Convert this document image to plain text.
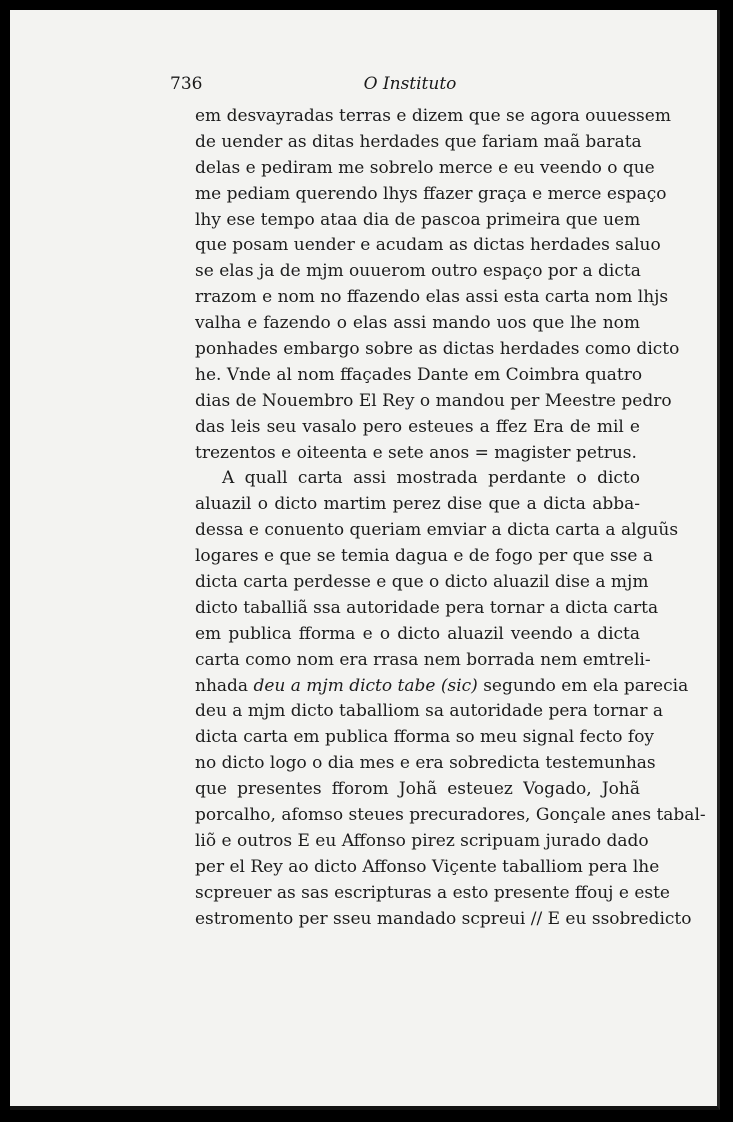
736	O Instituto
em desvayradas terras e dizem que se agora ouuessem
de uender as ditas herdades que fariam maã barata
delas e pediram me sobrelo merce e eu veendo o que
me pediam querendo lhys ffazer graça e merce espaço
lhy ese tempo ataa dia de pascoa primeira que uem
que posam uender e acudam as dictas herdades saluo
se elas ja de mjm ouuerom outro espaço por a dicta
rrazom e nom no ffazendo elas assi esta carta nom lhjs
valha e fazendo o elas assi mando uos que lhe nom
ponhades embargo sobre as dictas herdades como dicto
he. Vnde al nom ffaçades Dante em Coimbra quatro
dias de Nouembro El Rey o mandou per Meestre pedro
das leis seu vasalo pero esteues a ffez Era de mil e
trezentos e oiteenta e sete anos = magister petrus.
A quall carta assi mostrada perdante o dicto
aluazil o dicto martim perez dise que a dicta abba-
dessa e conuento queriam emviar a dicta carta a alguũs
logares e que se temia dagua e de fogo per que sse a
dicta carta perdesse e que o dicto aluazil dise a mjm
dicto taballiã ssa autoridade pera tornar a dicta carta
em publica fforma e o dicto aluazil veendo a dicta
carta como nom era rrasa nem borrada nem emtreli-
nhada deu a mjm dicto tabe (sic) segundo em ela parecia
deu a mjm dicto taballiom sa autoridade pera tornar a
dicta carta em publica fforma so meu signal fecto foy
no dicto logo o dia mes e era sobredicta testemunhas
que presentes fforom Johã esteuez Vogado, Johã
porcalho, afomso steues precuradores, Gonçale anes tabal-
liõ e outros E eu Affonso pirez scripuam jurado dado
per el Rey ao dicto Affonso Viçente taballiom pera lhe
scpreuer as sas escripturas a esto presente ffouj e este
estromento per sseu mandado scpreui // E eu ssobredicto
